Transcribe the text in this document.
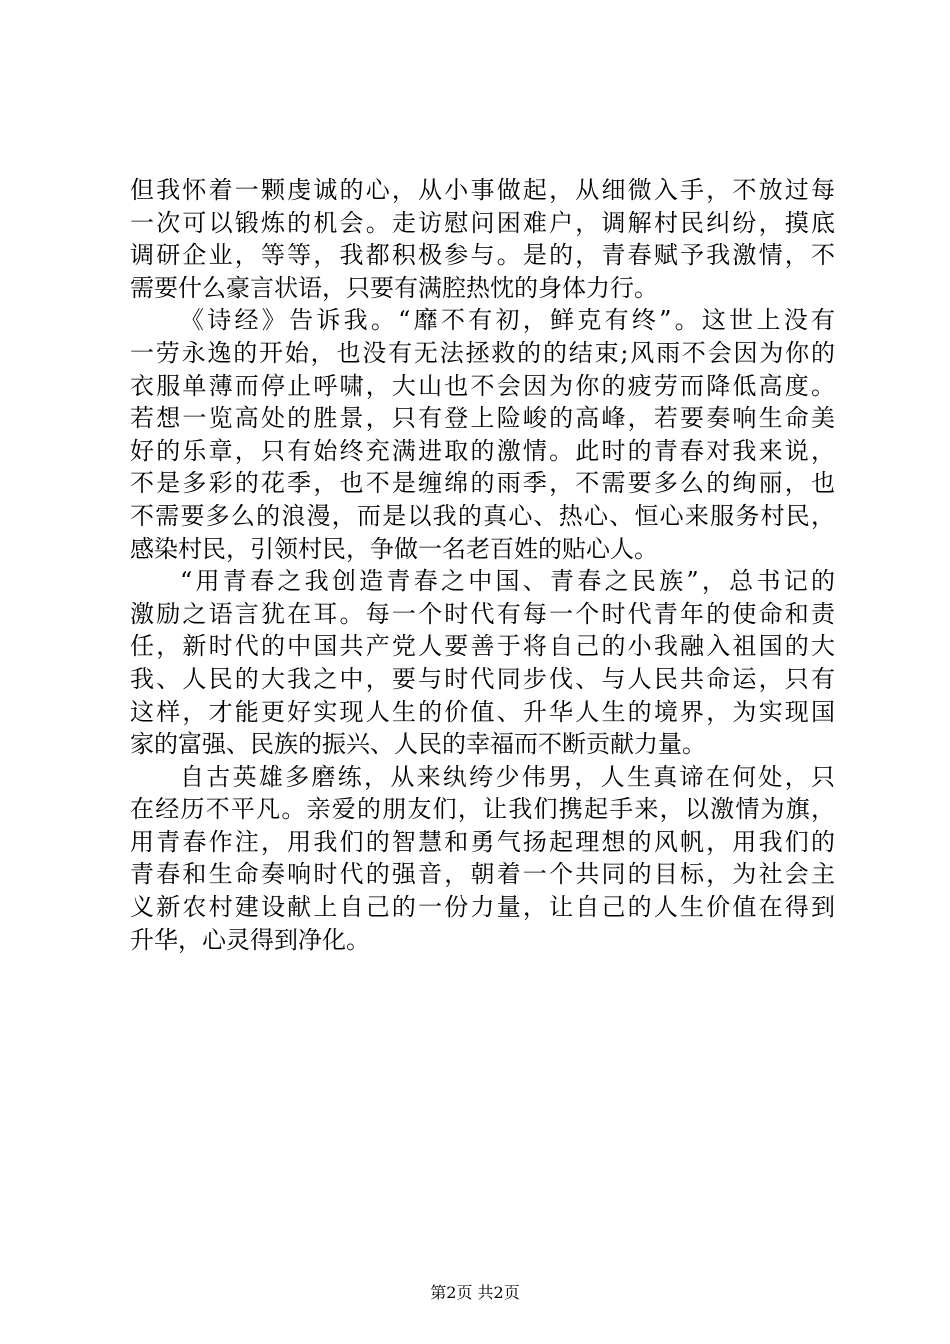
但我怀着一颗虔诚的心，从小事做起，从细微入手，不放过每
一次可以锻炼的机会。走访慰问困难户，调解村民纠纷，摸底
调研企业，等等，我都积极参与。是的，青春赋予我激情，不
需要什么豪言状语，只要有满腔热忱的身体力行。
《诗经》告诉我。“靡不有初，鲜克有终”。这世上没有
一劳永逸的开始，也没有无法拯救的的结束;风雨不会因为你的
衣服单薄而停止呼啸，大山也不会因为你的疲劳而降低高度。
若想一览高处的胜景，只有登上险峻的高峰，若要奏响生命美
好的乐章，只有始终充满进取的激情。此时的青春对我来说，
不是多彩的花季，也不是缠绵的雨季，不需要多么的绚丽，也
不需要多么的浪漫，而是以我的真心、热心、恒心来服务村民，
感染村民，引领村民，争做一名老百姓的贴心人。
“用青春之我创造青春之中国、青春之民族”，总书记的
激励之语言犹在耳。每一个时代有每一个时代青年的使命和责
任，新时代的中国共产党人要善于将自己的小我融入祖国的大
我、人民的大我之中，要与时代同步伐、与人民共命运，只有
这样，才能更好实现人生的价值、升华人生的境界，为实现国
家的富强、民族的振兴、人民的幸福而不断贡献力量。
自古英雄多磨练，从来纨绔少伟男，人生真谛在何处，只
在经历不平凡。亲爱的朋友们，让我们携起手来，以激情为旗，
用青春作注，用我们的智慧和勇气扬起理想的风帆，用我们的
青春和生命奏响时代的强音，朝着一个共同的目标，为社会主
义新农村建设献上自己的一份力量，让自己的人生价值在得到
升华，心灵得到净化。
第2页 共2页
